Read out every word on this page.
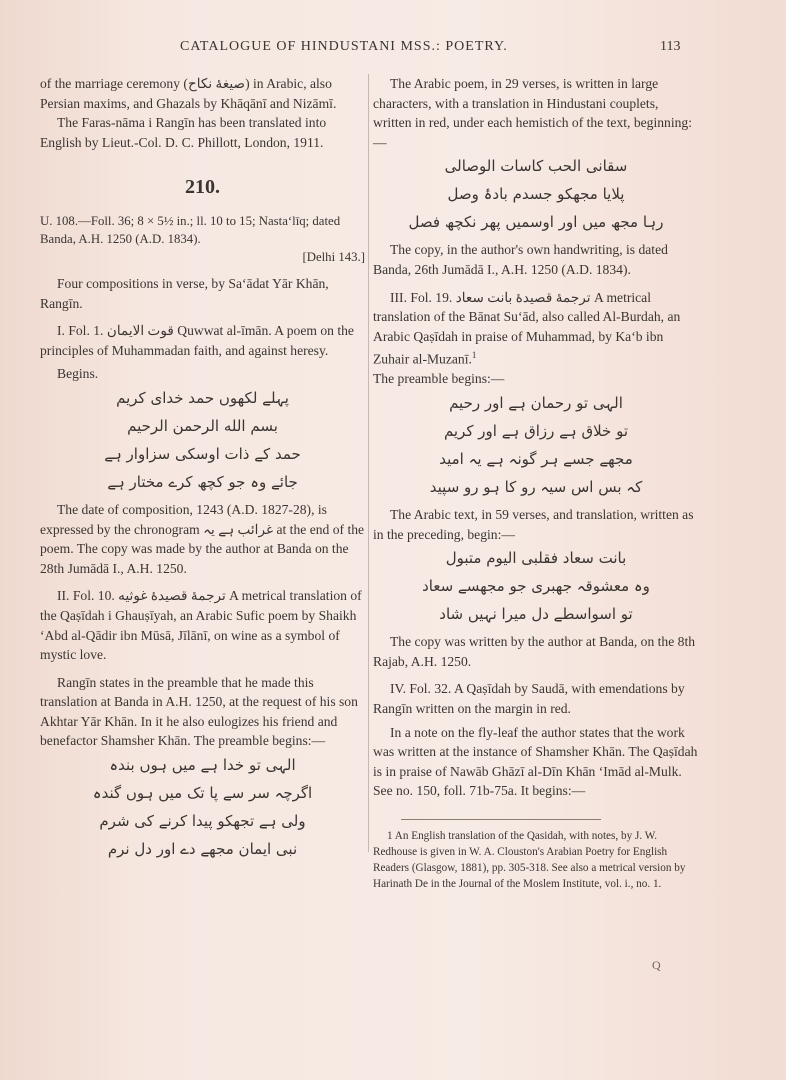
CATALOGUE OF HINDUSTANI MSS.: POETRY.	113

of the marriage ceremony (صیغهٔ نکاح) in Arabic, also Persian maxims, and Ghazals by Khāqānī and Nizāmī.

The Faras-nāma i Rangīn has been translated into English by Lieut.-Col. D. C. Phillott, London, 1911.

210.

U. 108.—Foll. 36; 8 × 5½ in.; ll. 10 to 15; Nasta‘līq; dated Banda, A.H. 1250 (A.D. 1834).

[Delhi 143.]

Four compositions in verse, by Sa‘ādat Yār Khān, Rangīn.

I. Fol. 1. قوت الایمان Quwwat al-īmān. A poem on the principles of Muhammadan faith, and against heresy.

Begins.

پہلے لکھوں حمد خدای کریم
بسم الله الرحمن الرحيم
حمد کے ذات اوسکی سزاوار ہے
جائے وہ جو کچھ کرے مختار ہے

The date of composition, 1243 (A.D. 1827-28), is expressed by the chronogram غرائب ہے یہ at the end of the poem. The copy was made by the author at Banda on the 28th Jumādā I., A.H. 1250.

II. Fol. 10. ترجمهٔ قصیدهٔ غوثیه A metrical translation of the Qaṣīdah i Ghauṣīyah, an Arabic Sufic poem by Shaikh ‘Abd al-Qādir ibn Mūsā, Jīlānī, on wine as a symbol of mystic love.

Rangīn states in the preamble that he made this translation at Banda in A.H. 1250, at the request of his son Akhtar Yār Khān. In it he also eulogizes his friend and benefactor Shamsher Khān. The preamble begins:—

الہی تو خدا ہے میں ہوں بندہ
اگرچہ سر سے پا تک میں ہوں گندہ
ولی ہے تجھکو پیدا کرنے کی شرم
نبی ایمان مجھے دے اور دل نرم

The Arabic poem, in 29 verses, is written in large characters, with a translation in Hindustani couplets, written in red, under each hemistich of the text, beginning:—

سقانی الحب کاسات الوصالی
پلایا مجھکو جسدم بادۂ وصل
رہا مجھ میں اور اوسمیں پھر نکچھ فصل

The copy, in the author's own handwriting, is dated Banda, 26th Jumādā I., A.H. 1250 (A.D. 1834).

III. Fol. 19. ترجمهٔ قصیدهٔ بانت سعاد A metrical translation of the Bānat Su‘ād, also called Al-Burdah, an Arabic Qaṣīdah in praise of Muhammad, by Ka‘b ibn Zuhair al-Muzanī.$^1$

The preamble begins:—

الہی تو رحمان ہے اور رحیم
تو خلاق ہے رزاق ہے اور کریم
مجھے جسے ہر گونہ ہے یہ امید
کہ بس اس سیہ رو کا ہو رو سپید

The Arabic text, in 59 verses, and translation, written as in the preceding, begin:—

بانت سعاد فقلبی الیوم متبول
وہ معشوقہ جھبری جو مجھسے سعاد
تو اسواسطے دل میرا نہیں شاد

The copy was written by the author at Banda, on the 8th Rajab, A.H. 1250.

IV. Fol. 32. A Qaṣīdah by Saudā, with emendations by Rangīn written on the margin in red.

In a note on the fly-leaf the author states that the work was written at the instance of Shamsher Khān. The Qaṣīdah is in praise of Nawāb Ghāzī al-Dīn Khān ‘Imād al-Mulk. See no. 150, foll. 71b-75a. It begins:—

1 An English translation of the Qasidah, with notes, by J. W. Redhouse is given in W. A. Clouston's Arabian Poetry for English Readers (Glasgow, 1881), pp. 305-318. See also a metrical version by Harinath De in the Journal of the Moslem Institute, vol. i., no. 1.

Q
